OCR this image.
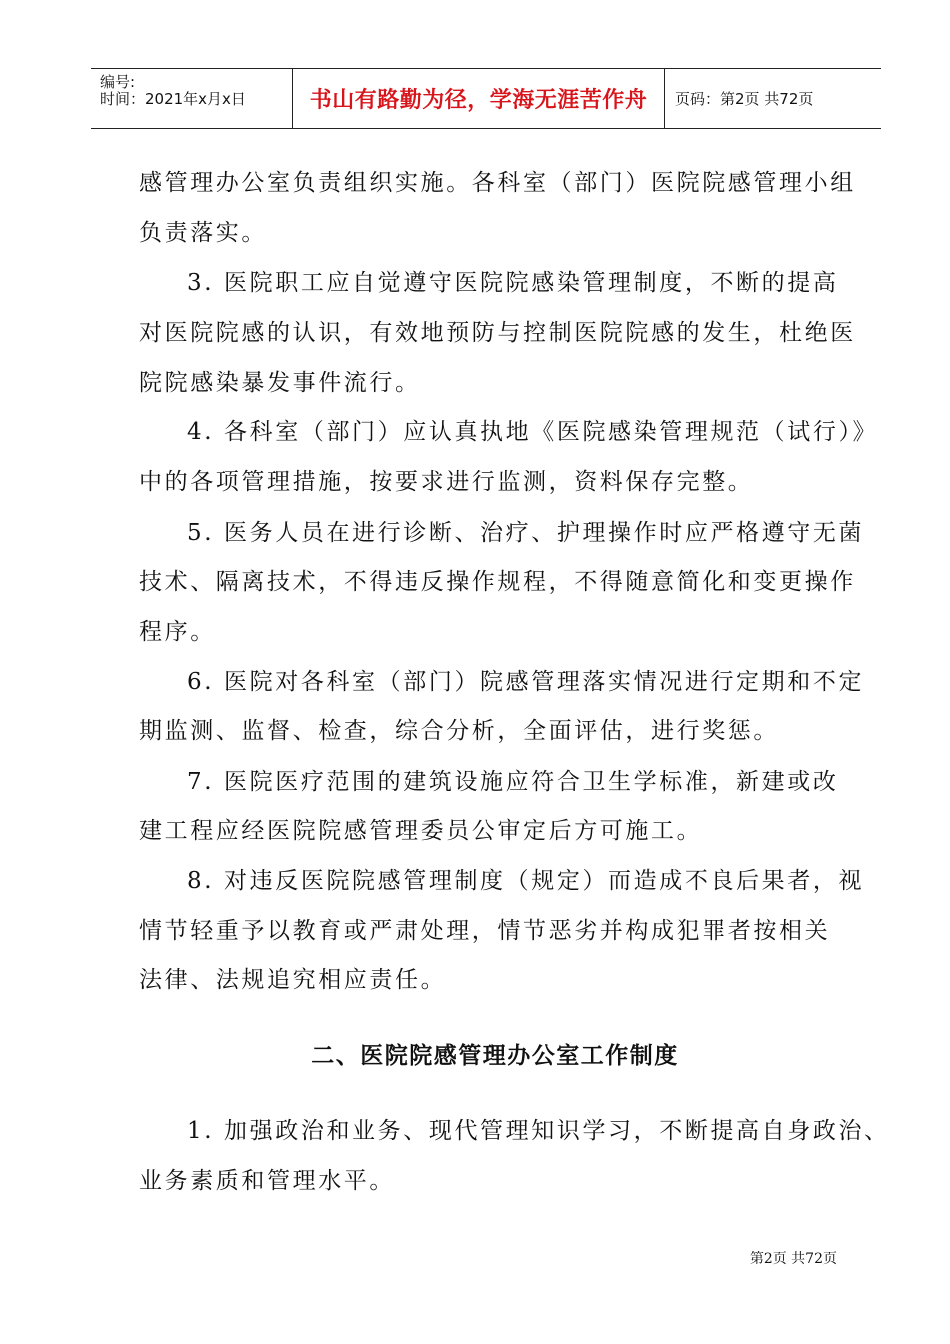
编号:
时间：2021年x月x日	书山有路勤为径，学海无涯苦作舟	页码：第2页 共72页

感管理办公室负责组织实施。各科室（部门）医院院感管理小组

负责落实。

3. 医院职工应自觉遵守医院院感染管理制度，不断的提高

对医院院感的认识，有效地预防与控制医院院感的发生，杜绝医

院院感染暴发事件流行。

4. 各科室（部门）应认真执地《医院感染管理规范（试行）》

中的各项管理措施，按要求进行监测，资料保存完整。

5. 医务人员在进行诊断、治疗、护理操作时应严格遵守无菌

技术、隔离技术，不得违反操作规程，不得随意简化和变更操作

程序。

6. 医院对各科室（部门）院感管理落实情况进行定期和不定

期监测、监督、检查，综合分析，全面评估，进行奖惩。

7. 医院医疗范围的建筑设施应符合卫生学标准，新建或改

建工程应经医院院感管理委员公审定后方可施工。

8. 对违反医院院感管理制度（规定）而造成不良后果者，视

情节轻重予以教育或严肃处理，情节恶劣并构成犯罪者按相关

法律、法规追究相应责任。

二、医院院感管理办公室工作制度

1. 加强政治和业务、现代管理知识学习，不断提高自身政治、

业务素质和管理水平。

第2页 共72页
